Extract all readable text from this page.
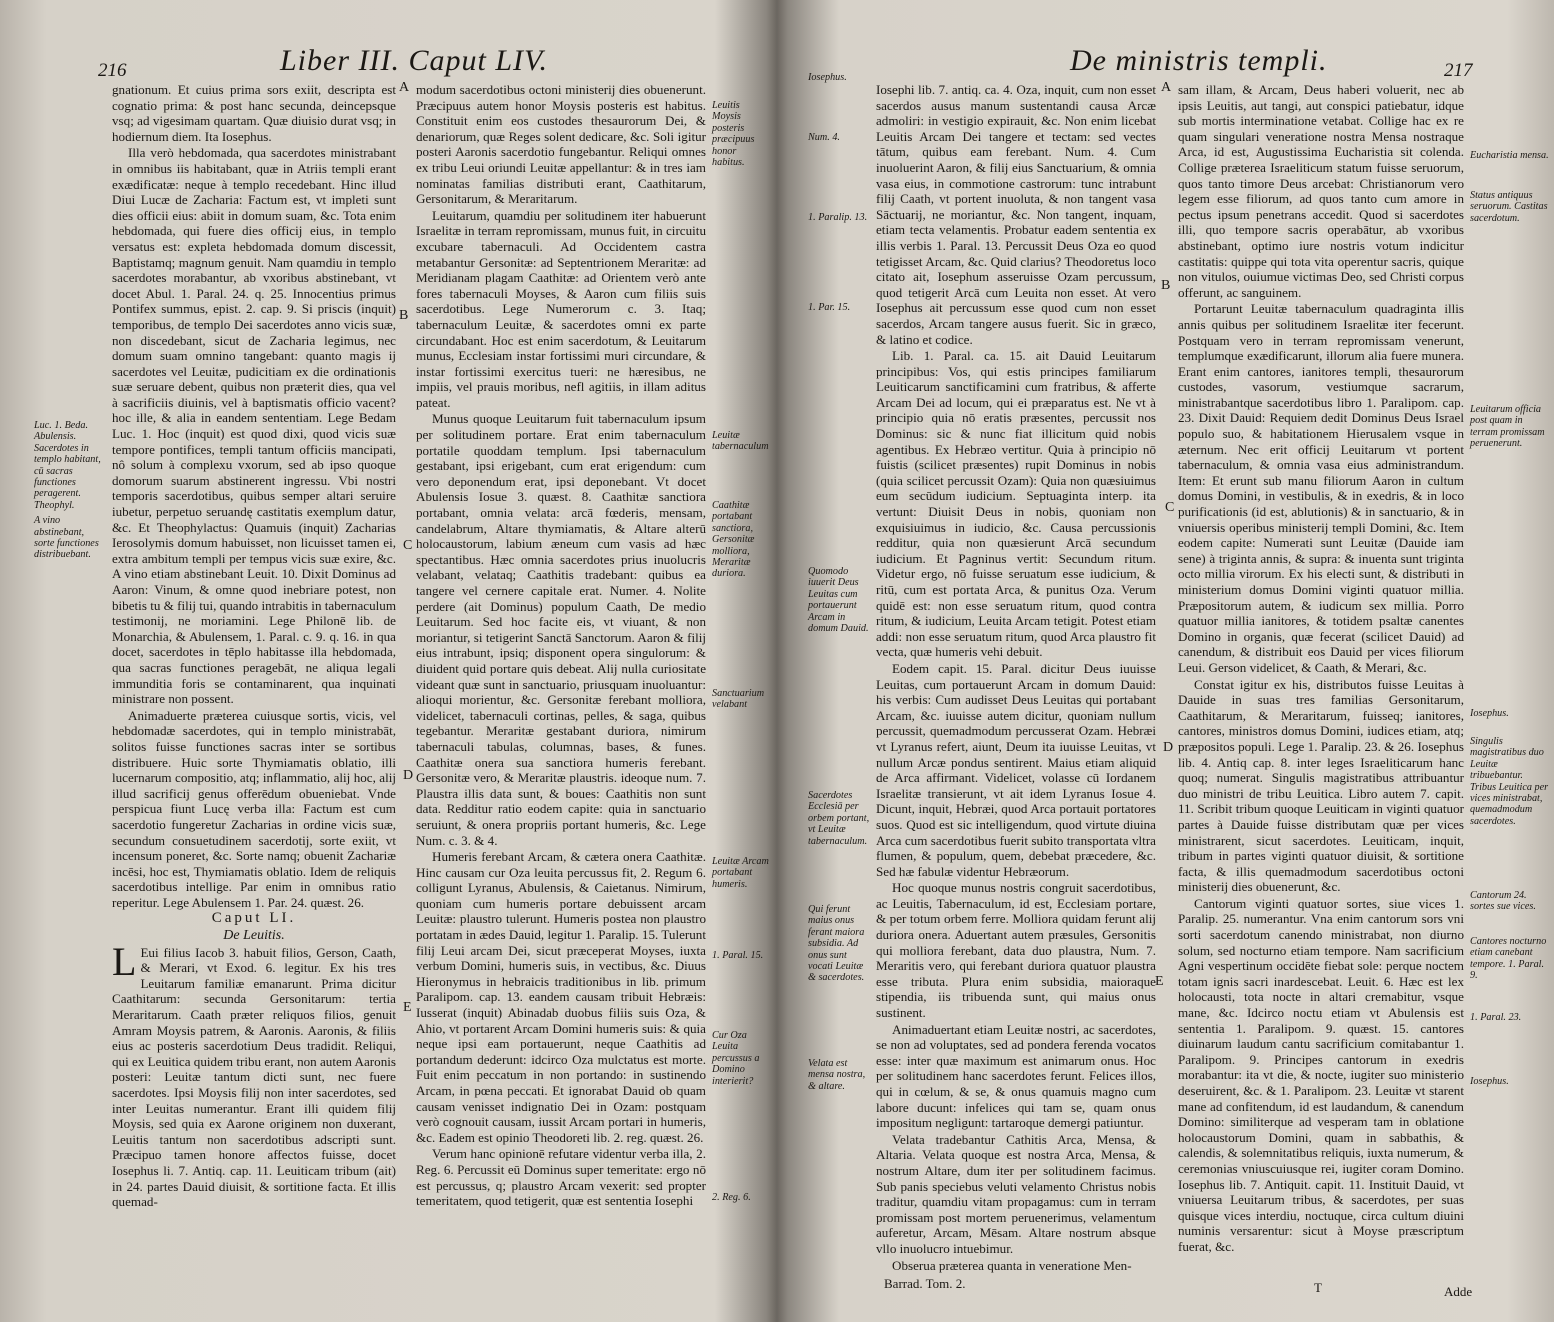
216	Liber III. Caput LIV.

gnationum. Et cuius prima sors exiit, descripta est cognatio prima: & post hanc secunda, deincepsque vsq; ad vigesimam quartam. Quæ diuisio durat vsq; in hodiernum diem. Ita Iosephus.

Illa verò hebdomada, qua sacerdotes ministrabant in omnibus iis habitabant, quæ in Atriis templi erant exædificatæ: neque à templo recedebant. Hinc illud Diui Lucæ de Zacharia: Factum est, vt impleti sunt dies officii eius: abiit in domum suam, &c. Tota enim hebdomada, qui fuere dies officij eius, in templo versatus est: expleta hebdomada domum discessit, Baptistamq; magnum genuit. Nam quamdiu in templo sacerdotes morabantur, ab vxoribus abstinebant, vt docet Abul. 1. Paral. 24. q. 25. Innocentius primus Pontifex summus, epist. 2. cap. 9. Si priscis (inquit) temporibus, de templo Dei sacerdotes anno vicis suæ, non discedebant, sicut de Zacharia legimus, nec domum suam omnino tangebant: quanto magis ij sacerdotes vel Leuitæ, pudicitiam ex die ordinationis suæ seruare debent, quibus non præterit dies, qua vel à sacrificiis diuinis, vel à baptismatis officio vacent? hoc ille, & alia in eandem sententiam. Lege Bedam Luc. 1. Hoc (inquit) est quod dixi, quod vicis suæ tempore pontifices, templi tantum officiis mancipati, nô solum à complexu vxorum, sed ab ipso quoque domorum suarum abstinerent ingressu. Vbi nostri temporis sacerdotibus, quibus semper altari seruire iubetur, perpetuo seruandę castitatis exemplum datur, &c. Et Theophylactus: Quamuis (inquit) Zacharias Ierosolymis domum habuisset, non licuisset tamen ei, extra ambitum templi per tempus vicis suæ exire, &c. A vino etiam abstinebant Leuit. 10. Dixit Dominus ad Aaron: Vinum, & omne quod inebriare potest, non bibetis tu & filij tui, quando intrabitis in tabernaculum testimonij, ne moriamini. Lege Philonē lib. de Monarchia, & Abulensem, 1. Paral. c. 9. q. 16. in qua docet, sacerdotes in tēplo habitasse illa hebdomada, qua sacras functiones peragebāt, ne aliqua legali immunditia foris se contaminarent, qua inquinati ministrare non possent.

Animaduerte præterea cuiusque sortis, vicis, vel hebdomadæ sacerdotes, qui in templo ministrabāt, solitos fuisse functiones sacras inter se sortibus distribuere. Huic sorte Thymiamatis oblatio, illi lucernarum compositio, atq; inflammatio, alij hoc, alij illud sacrificij genus offerēdum obueniebat. Vnde perspicua fiunt Lucę verba illa: Factum est cum sacerdotio fungeretur Zacharias in ordine vicis suæ, secundum consuetudinem sacerdotij, sorte exiit, vt incensum poneret, &c. Sorte namq; obuenit Zachariæ incēsi, hoc est, Thymiamatis oblatio. Idem de reliquis sacerdotibus intellige. Par enim in omnibus ratio reperitur. Lege Abulensem 1. Par. 24. quæst. 26.

Caput LI.

De Leuitis.

L Eui filius Iacob 3. habuit filios, Gerson, Caath, & Merari, vt Exod. 6. legitur. Ex his tres Leuitarum familiæ emanarunt. Prima dicitur Caathitarum: secunda Gersonitarum: tertia Meraritarum. Caath præter reliquos filios, genuit Amram Moysis patrem, & Aaronis. Aaronis, & filiis eius ac posteris sacerdotium Deus tradidit. Reliqui, qui ex Leuitica quidem tribu erant, non autem Aaronis posteri: Leuitæ tantum dicti sunt, nec fuere sacerdotes. Ipsi Moysis filij non inter sacerdotes, sed inter Leuitas numerantur. Erant illi quidem filij Moysis, sed quia ex Aarone originem non duxerant, Leuitis tantum non sacerdotibus adscripti sunt. Præcipuo tamen honore affectos fuisse, docet Iosephus li. 7. Antiq. cap. 11. Leuiticam tribum (ait) in 24. partes Dauid diuisit, & sortitione facta. Et illis quemad-

modum sacerdotibus octoni ministerij dies obuenerunt. Præcipuus autem honor Moysis posteris est habitus. Constituit enim eos custodes thesaurorum Dei, & denariorum, quæ Reges solent dedicare, &c. Soli igitur posteri Aaronis sacerdotio fungebantur. Reliqui omnes ex tribu Leui oriundi Leuitæ appellantur: & in tres iam nominatas familias distributi erant, Caathitarum, Gersonitarum, & Meraritarum.

Leuitarum, quamdiu per solitudinem iter habuerunt Israelitæ in terram repromissam, munus fuit, in circuitu excubare tabernaculi. Ad Occidentem castra metabantur Gersonitæ: ad Septentrionem Meraritæ: ad Meridianam plagam Caathitæ: ad Orientem verò ante fores tabernaculi Moyses, & Aaron cum filiis suis sacerdotibus. Lege Numerorum c. 3. Itaq; tabernaculum Leuitæ, & sacerdotes omni ex parte circundabant. Hoc est enim sacerdotum, & Leuitarum munus, Ecclesiam instar fortissimi muri circundare, & instar fortissimi exercitus tueri: ne hæresibus, ne impiis, vel prauis moribus, nefl agitiis, in illam aditus pateat.

Munus quoque Leuitarum fuit tabernaculum ipsum per solitudinem portare. Erat enim tabernaculum portatile quoddam templum. Ipsi tabernaculum gestabant, ipsi erigebant, cum erat erigendum: cum vero deponendum erat, ipsi deponebant. Vt docet Abulensis Iosue 3. quæst. 8. Caathitæ sanctiora portabant, omnia velata: arcā fœderis, mensam, candelabrum, Altare thymiamatis, & Altare alterū holocaustorum, labium æneum cum vasis ad hæc spectantibus. Hæc omnia sacerdotes prius inuolucris velabant, velataq; Caathitis tradebant: quibus ea tangere vel cernere capitale erat. Numer. 4. Nolite perdere (ait Dominus) populum Caath, De medio Leuitarum. Sed hoc facite eis, vt viuant, & non moriantur, si tetigerint Sanctā Sanctorum. Aaron & filij eius intrabunt, ipsiq; disponent opera singulorum: & diuident quid portare quis debeat. Alij nulla curiositate videant quæ sunt in sanctuario, priusquam inuoluantur: alioqui morientur, &c. Gersonitæ ferebant molliora, videlicet, tabernaculi cortinas, pelles, & saga, quibus tegebantur. Meraritæ gestabant duriora, nimirum tabernaculi tabulas, columnas, bases, & funes. Caathitæ onera sua sanctiora humeris ferebant. Gersonitæ vero, & Meraritæ plaustris. ideoque num. 7. Plaustra illis data sunt, & boues: Caathitis non sunt data. Redditur ratio eodem capite: quia in sanctuario seruiunt, & onera propriis portant humeris, &c. Lege Num. c. 3. & 4.

Humeris ferebant Arcam, & cætera onera Caathitæ. Hinc causam cur Oza leuita percussus fit, 2. Regum 6. colligunt Lyranus, Abulensis, & Caietanus. Nimirum, quoniam cum humeris portare debuissent arcam Leuitæ: plaustro tulerunt. Humeris postea non plaustro portatam in ædes Dauid, legitur 1. Paralip. 15. Tulerunt filij Leui arcam Dei, sicut præceperat Moyses, iuxta verbum Domini, humeris suis, in vectibus, &c. Diuus Hieronymus in hebraicis traditionibus in lib. primum Paralipom. cap. 13. eandem causam tribuit Hebræis: Iusserat (inquit) Abinadab duobus filiis suis Oza, & Ahio, vt portarent Arcam Domini humeris suis: & quia neque ipsi eam portauerunt, neque Caathitis ad portandum dederunt: idcirco Oza mulctatus est morte. Fuit enim peccatum in non portando: in sustinendo Arcam, in pœna peccati. Et ignorabat Dauid ob quam causam venisset indignatio Dei in Ozam: postquam verò cognouit causam, iussit Arcam portari in humeris, &c. Eadem est opinio Theodoreti lib. 2. reg. quæst. 26.

Verum hanc opinionē refutare videntur verba illa, 2. Reg. 6. Percussit eū Dominus super temeritate: ergo nō est percussus, q; plaustro Arcam vexerit: sed propter temeritatem, quod tetigerit, quæ est sententia Iosephi

Luc. 1. Beda. Abulensis. Sacerdotes in templo habitant, cū sacras functiones peragerent. Theophyl.
A vino abstinebant, sorte functiones distribuebant.
Leuitis Moysis posteris præcipuus honor habitus.
Leuitæ tabernaculum
Caathitæ portabant sanctiora, Gersonitæ molliora, Meraritæ duriora.
Sanctuarium velabant
Leuitæ Arcam portabant humeris.
1. Paral. 15.
Cur Oza Leuita percussus a Domino interierit?
2. Reg. 6.
A
B
C
D
E
De ministris templi.	217
Iosephus.
Num. 4.
1. Paralip. 13.
1. Par. 15.
Quomodo iuuerit Deus Leuitas cum portauerunt Arcam in domum Dauid.
Sacerdotes Ecclesiā per orbem portant, vt Leuitæ tabernaculum.
Qui ferunt maius onus ferant maiora subsidia. Ad onus sunt vocati Leuitæ & sacerdotes.
Velata est mensa nostra, & altare.

Iosephi lib. 7. antiq. ca. 4. Oza, inquit, cum non esset sacerdos ausus manum sustentandi causa Arcæ admoliri: in vestigio expirauit, &c. Non enim licebat Leuitis Arcam Dei tangere et tectam: sed vectes tātum, quibus eam ferebant. Num. 4. Cum inuoluerint Aaron, & filij eius Sanctuarium, & omnia vasa eius, in commotione castrorum: tunc intrabunt filij Caath, vt portent inuoluta, & non tangent vasa Sāctuarij, ne moriantur, &c. Non tangent, inquam, etiam tecta velamentis. Probatur eadem sententia ex illis verbis 1. Paral. 13. Percussit Deus Oza eo quod tetigisset Arcam, &c. Quid clarius? Theodoretus loco citato ait, Iosephum asseruisse Ozam percussum, quod tetigerit Arcā cum Leuita non esset. At vero Iosephus ait percussum esse quod cum non esset sacerdos, Arcam tangere ausus fuerit. Sic in græco, & latino et codice.

Lib. 1. Paral. ca. 15. ait Dauid Leuitarum principibus: Vos, qui estis principes familiarum Leuiticarum sanctificamini cum fratribus, & afferte Arcam Dei ad locum, qui ei præparatus est. Ne vt à principio quia nō eratis præsentes, percussit nos Dominus: sic & nunc fiat illicitum quid nobis agentibus. Ex Hebræo vertitur. Quia à principio nō fuistis (scilicet præsentes) rupit Dominus in nobis (quia scilicet percussit Ozam): Quia non quæsiuimus eum secūdum iudicium. Septuaginta interp. ita vertunt: Diuisit Deus in nobis, quoniam non exquisiuimus in iudicio, &c. Causa percussionis redditur, quia non quæsierunt Arcā secundum iudicium. Et Pagninus vertit: Secundum ritum. Videtur ergo, nō fuisse seruatum esse iudicium, & ritū, cum est portata Arca, & punitus Oza. Verum quidē est: non esse seruatum ritum, quod contra ritum, & iudicium, Leuita Arcam tetigit. Potest etiam addi: non esse seruatum ritum, quod Arca plaustro fit vecta, quæ humeris vehi debuit.

Eodem capit. 15. Paral. dicitur Deus iuuisse Leuitas, cum portauerunt Arcam in domum Dauid: his verbis: Cum audisset Deus Leuitas qui portabant Arcam, &c. iuuisse autem dicitur, quoniam nullum percussit, quemadmodum percusserat Ozam. Hebræi vt Lyranus refert, aiunt, Deum ita iuuisse Leuitas, vt nullum Arcæ pondus sentirent. Maius etiam aliquid de Arca affirmant. Videlicet, volasse cū Iordanem Israelitæ transierunt, vt ait idem Lyranus Iosue 4. Dicunt, inquit, Hebræi, quod Arca portauit portatores suos. Quod est sic intelligendum, quod virtute diuina Arca cum sacerdotibus fuerit subito transportata vltra flumen, & populum, quem, debebat præcedere, &c. Sed hæ fabulæ videntur Hebræorum.

Hoc quoque munus nostris congruit sacerdotibus, ac Leuitis, Tabernaculum, id est, Ecclesiam portare, & per totum orbem ferre. Molliora quidam ferunt alij duriora onera. Aduertant autem præsules, Gersonitis qui molliora ferebant, data duo plaustra, Num. 7. Meraritis vero, qui ferebant duriora quatuor plaustra esse tributa. Plura enim subsidia, maioraque stipendia, iis tribuenda sunt, qui maius onus sustinent.

Animaduertant etiam Leuitæ nostri, ac sacerdotes, se non ad voluptates, sed ad pondera ferenda vocatos esse: inter quæ maximum est animarum onus. Hoc per solitudinem hanc sacerdotes ferunt. Felices illos, qui in cœlum, & se, & onus quamuis magno cum labore ducunt: infelices qui tam se, quam onus impositum negligunt: tartaroque demergi patiuntur.

Velata tradebantur Cathitis Arca, Mensa, & Altaria. Velata quoque est nostra Arca, Mensa, & nostrum Altare, dum iter per solitudinem facimus. Sub panis speciebus veluti velamento Christus nobis traditur, quamdiu vitam propagamus: cum in terram promissam post mortem peruenerimus, velamentum auferetur, Arcam, Mēsam. Altare nostrum absque vllo inuolucro intuebimur.

Obserua præterea quanta in veneratione Men-

sam illam, & Arcam, Deus haberi voluerit, nec ab ipsis Leuitis, aut tangi, aut conspici patiebatur, idque sub mortis interminatione vetabat. Collige hac ex re quam singulari veneratione nostra Mensa nostraque Arca, id est, Augustissima Eucharistia sit colenda. Collige præterea Israeliticum statum fuisse seruorum, quos tanto timore Deus arcebat: Christianorum vero legem esse filiorum, ad quos tanto cum amore in pectus ipsum penetrans accedit. Quod si sacerdotes illi, quo tempore sacris operabātur, ab vxoribus abstinebant, optimo iure nostris votum indicitur castitatis: quippe qui tota vita operentur sacris, quique non vitulos, ouiumue victimas Deo, sed Christi corpus offerunt, ac sanguinem.

Portarunt Leuitæ tabernaculum quadraginta illis annis quibus per solitudinem Israelitæ iter fecerunt. Postquam vero in terram repromissam venerunt, templumque exædificarunt, illorum alia fuere munera. Erant enim cantores, ianitores templi, thesaurorum custodes, vasorum, vestiumque sacrarum, ministrabantque sacerdotibus libro 1. Paralipom. cap. 23. Dixit Dauid: Requiem dedit Dominus Deus Israel populo suo, & habitationem Hierusalem vsque in æternum. Nec erit officij Leuitarum vt portent tabernaculum, & omnia vasa eius administrandum. Item: Et erunt sub manu filiorum Aaron in cultum domus Domini, in vestibulis, & in exedris, & in loco purificationis (id est, ablutionis) & in sanctuario, & in vniuersis operibus ministerij templi Domini, &c. Item eodem capite: Numerati sunt Leuitæ (Dauide iam sene) à triginta annis, & supra: & inuenta sunt triginta octo millia virorum. Ex his electi sunt, & distributi in ministerium domus Domini viginti quatuor millia. Præpositorum autem, & iudicum sex millia. Porro quatuor millia ianitores, & totidem psaltæ canentes Domino in organis, quæ fecerat (scilicet Dauid) ad canendum, & distribuit eos Dauid per vices filiorum Leui. Gerson videlicet, & Caath, & Merari, &c.

Constat igitur ex his, distributos fuisse Leuitas à Dauide in suas tres familias Gersonitarum, Caathitarum, & Meraritarum, fuisseq; ianitores, cantores, ministros domus Domini, iudices etiam, atq; præpositos populi. Lege 1. Paralip. 23. & 26. Iosephus lib. 4. Antiq cap. 8. inter leges Israeliticarum hanc quoq; numerat. Singulis magistratibus attribuantur duo ministri de tribu Leuitica. Libro autem 7. capit. 11. Scribit tribum quoque Leuiticam in viginti quatuor partes à Dauide fuisse distributam quæ per vices ministrarent, sicut sacerdotes. Leuiticam, inquit, tribum in partes viginti quatuor diuisit, & sortitione facta, & illis quemadmodum sacerdotibus octoni ministerij dies obuenerunt, &c.

Cantorum viginti quatuor sortes, siue vices 1. Paralip. 25. numerantur. Vna enim cantorum sors vni sorti sacerdotum canendo ministrabat, non diurno solum, sed nocturno etiam tempore. Nam sacrificium Agni vespertinum occidēte fiebat sole: perque noctem totam ignis sacri inardescebat. Leuit. 6. Hæc est lex holocausti, tota nocte in altari cremabitur, vsque mane, &c. Idcirco noctu etiam vt Abulensis est sententia 1. Paralipom. 9. quæst. 15. cantores diuinarum laudum cantu sacrificium comitabantur 1. Paralipom. 9. Principes cantorum in exedris morabantur: ita vt die, & nocte, iugiter suo ministerio deseruirent, &c. & 1. Paralipom. 23. Leuitæ vt starent mane ad confitendum, id est laudandum, & canendum Domino: similiterque ad vesperam tam in oblatione holocaustorum Domini, quam in sabbathis, & calendis, & solemnitatibus reliquis, iuxta numerum, & ceremonias vniuscuiusque rei, iugiter coram Domino. Iosephus lib. 7. Antiquit. capit. 11. Instituit Dauid, vt vniuersa Leuitarum tribus, & sacerdotes, per suas quisque vices interdiu, noctuque, circa cultum diuini numinis versarentur: sicut à Moyse præscriptum fuerat, &c.

Eucharistia mensa.
Status antiquus seruorum. Castitas sacerdotum.
Leuitarum officia post quam in terram promissam peruenerunt.
Iosephus.
Singulis magistratibus duo Leuitæ tribuebantur. Tribus Leuitica per vices ministrabat, quemadmodum sacerdotes.
Cantorum 24. sortes sue vices.
Cantores nocturno etiam canebant tempore. 1. Paral. 9.
1. Paral. 23.
Iosephus.
A
B
C
D
E
Barrad. Tom. 2.	T	Adde
